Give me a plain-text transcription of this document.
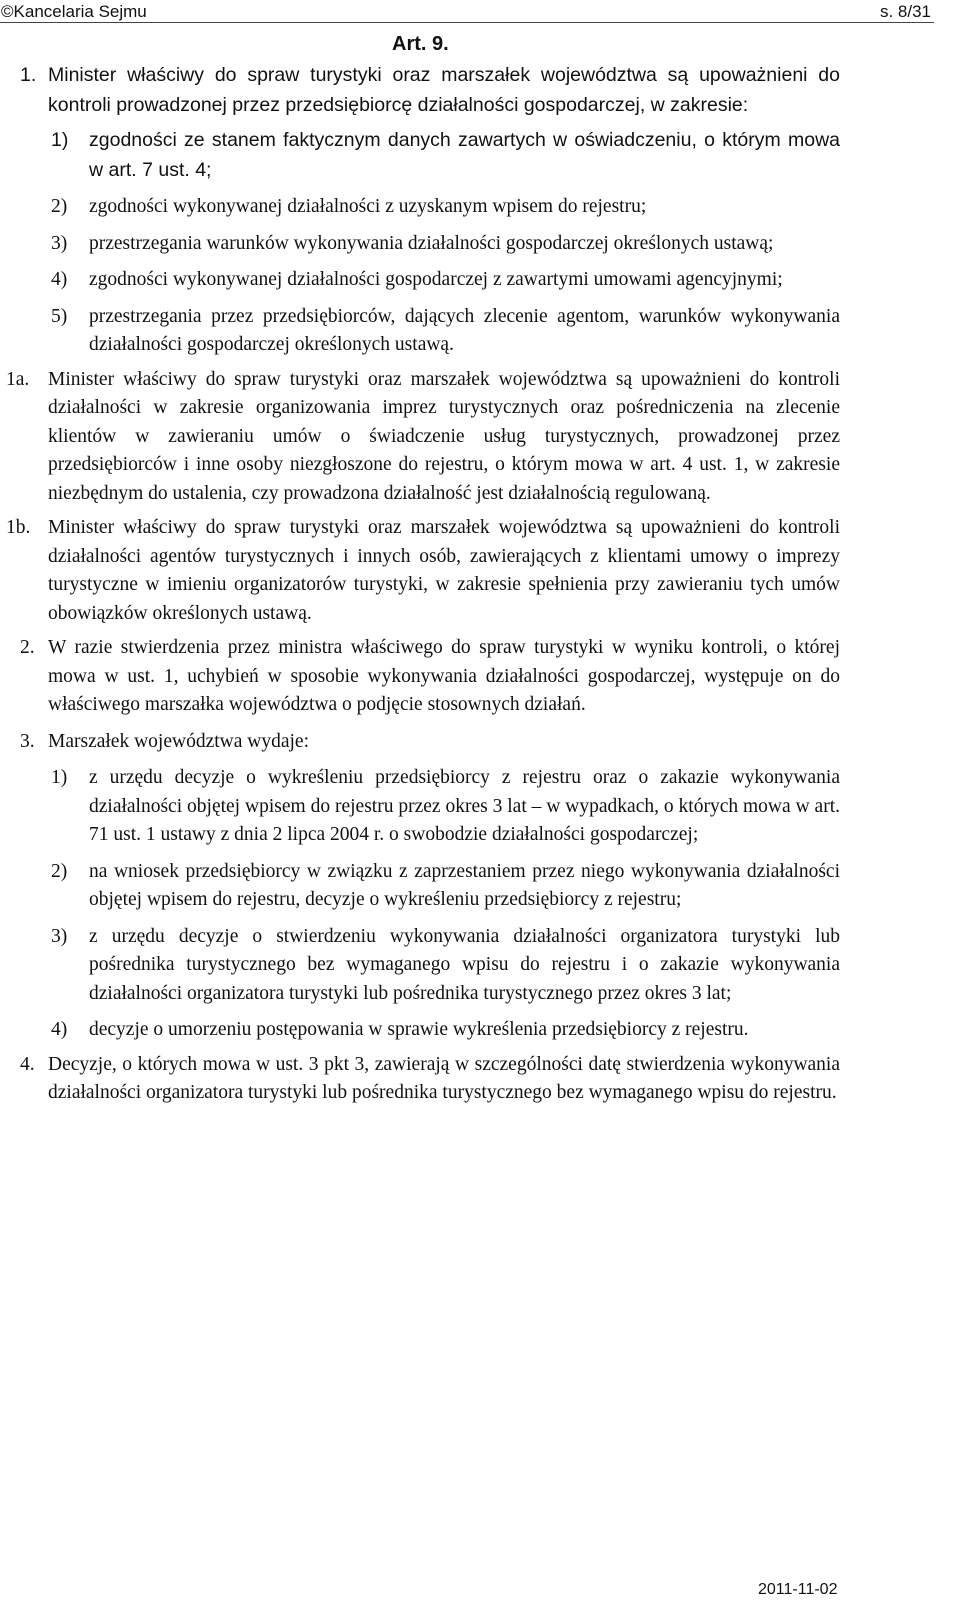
©Kancelaria Sejmu	s. 8/31
Art. 9.
1. Minister właściwy do spraw turystyki oraz marszałek województwa są upoważnieni do kontroli prowadzonej przez przedsiębiorcę działalności gospodarczej, w zakresie:
1) zgodności ze stanem faktycznym danych zawartych w oświadczeniu, o którym mowa w art. 7 ust. 4;
2) zgodności wykonywanej działalności z uzyskanym wpisem do rejestru;
3) przestrzegania warunków wykonywania działalności gospodarczej określonych ustawą;
4) zgodności wykonywanej działalności gospodarczej z zawartymi umowami agencyjnymi;
5) przestrzegania przez przedsiębiorców, dających zlecenie agentom, warunków wykonywania działalności gospodarczej określonych ustawą.
1a. Minister właściwy do spraw turystyki oraz marszałek województwa są upoważnieni do kontroli działalności w zakresie organizowania imprez turystycznych oraz pośredniczenia na zlecenie klientów w zawieraniu umów o świadczenie usług turystycznych, prowadzonej przez przedsiębiorców i inne osoby niezgłoszone do rejestru, o którym mowa w art. 4 ust. 1, w zakresie niezbędnym do ustalenia, czy prowadzona działalność jest działalnością regulowaną.
1b. Minister właściwy do spraw turystyki oraz marszałek województwa są upoważnieni do kontroli działalności agentów turystycznych i innych osób, zawierających z klientami umowy o imprezy turystyczne w imieniu organizatorów turystyki, w zakresie spełnienia przy zawieraniu tych umów obowiązków określonych ustawą.
2. W razie stwierdzenia przez ministra właściwego do spraw turystyki w wyniku kontroli, o której mowa w ust. 1, uchybień w sposobie wykonywania działalności gospodarczej, występuje on do właściwego marszałka województwa o podjęcie stosownych działań.
3. Marszałek województwa wydaje:
1) z urzędu decyzje o wykreśleniu przedsiębiorcy z rejestru oraz o zakazie wykonywania działalności objętej wpisem do rejestru przez okres 3 lat – w wypadkach, o których mowa w art. 71 ust. 1 ustawy z dnia 2 lipca 2004 r. o swobodzie działalności gospodarczej;
2) na wniosek przedsiębiorcy w związku z zaprzestaniem przez niego wykonywania działalności objętej wpisem do rejestru, decyzje o wykreśleniu przedsiębiorcy z rejestru;
3) z urzędu decyzje o stwierdzeniu wykonywania działalności organizatora turystyki lub pośrednika turystycznego bez wymaganego wpisu do rejestru i o zakazie wykonywania działalności organizatora turystyki lub pośrednika turystycznego przez okres 3 lat;
4) decyzje o umorzeniu postępowania w sprawie wykreślenia przedsiębiorcy z rejestru.
4. Decyzje, o których mowa w ust. 3 pkt 3, zawierają w szczególności datę stwierdzenia wykonywania działalności organizatora turystyki lub pośrednika turystycznego bez wymaganego wpisu do rejestru.
2011-11-02
